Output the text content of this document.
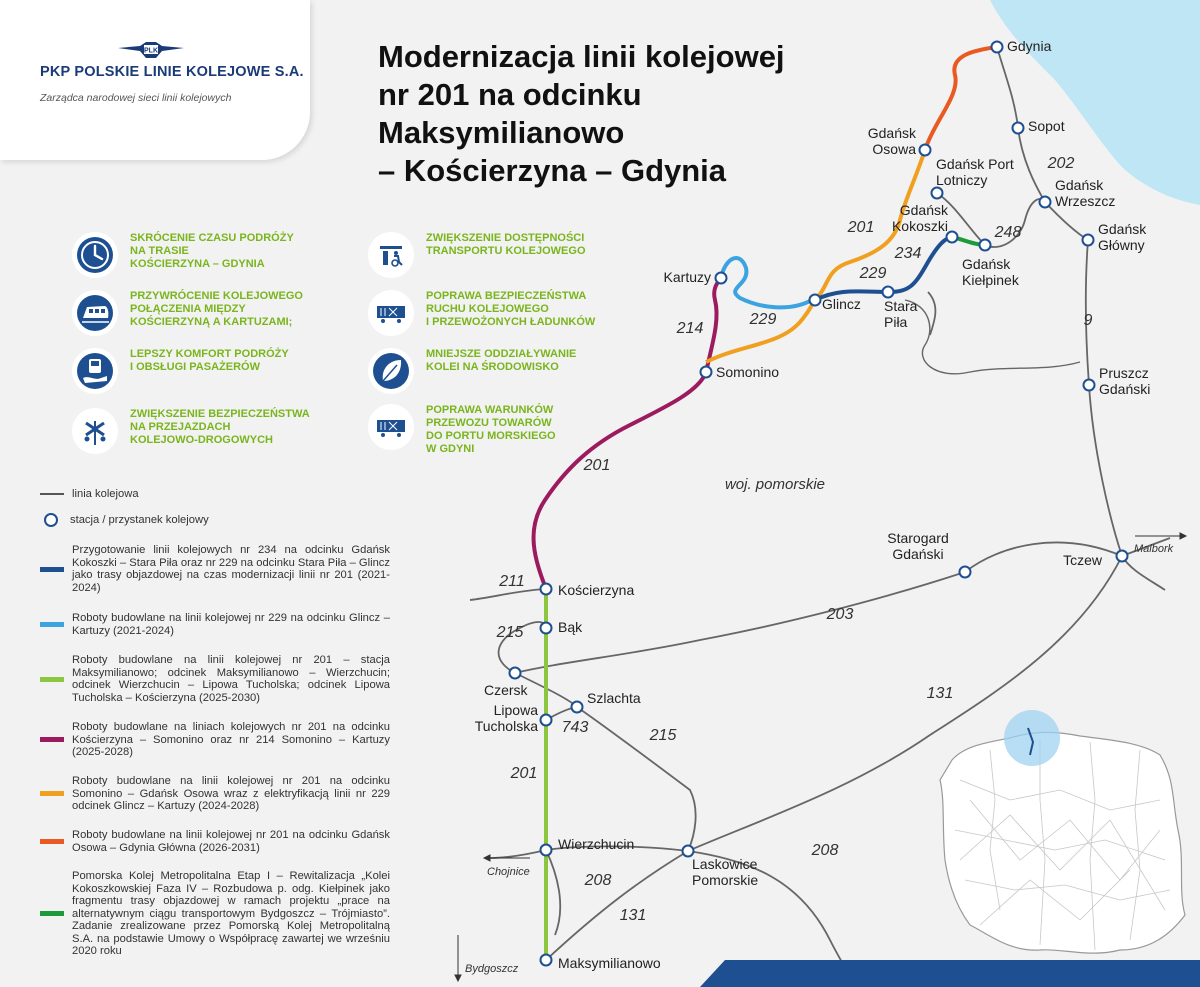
Gdynia
Sopot
Gdańsk Osowa
Gdańsk Port Lotniczy	Gdańsk Wrzeszcz
Gdańsk Kokoszki	Gdańsk Główny
Gdańsk Kiełpinek
Kartuzy
Glincz Stara Piła
Somonino	Pruszcz Gdański
Starogard Gdański	Tczew
Kościerzyna
Bąk
Czersk	Szlachta
Lipowa Tucholska
Wierzchucin
Laskowice Pomorskie
Maksymilianowo
202
201	248
234
229
229
214	9
201
203
211
215
743	215
131
201
208
208
131
woj. pomorskie
Malbork
Chojnice
Bydgoszcz
PLK
PKP POLSKIE LINIE KOLEJOWE S.A.
Zarządca narodowej sieci linii kolejowych
Modernizacja linii kolejowej
nr 201 na odcinku
Maksymilianowo
– Kościerzyna – Gdynia
SKRÓCENIE CZASU PODRÓŻY
NA TRASIE
KOŚCIERZYNA – GDYNIA
PRZYWRÓCENIE KOLEJOWEGO
POŁĄCZENIA MIĘDZY
KOŚCIERZYNĄ A KARTUZAMI;
LEPSZY KOMFORT PODRÓŻY
I OBSŁUGI PASAŻERÓW
ZWIĘKSZENIE BEZPIECZEŃSTWA
NA PRZEJAZDACH
KOLEJOWO-DROGOWYCH
ZWIĘKSZENIE DOSTĘPNOŚCI
TRANSPORTU KOLEJOWEGO
POPRAWA BEZPIECZEŃSTWA
RUCHU KOLEJOWEGO
I PRZEWOŻONYCH ŁADUNKÓW
MNIEJSZE ODDZIAŁYWANIE
KOLEI NA ŚRODOWISKO
POPRAWA WARUNKÓW
PRZEWOZU TOWARÓW
DO PORTU MORSKIEGO
W GDYNI
linia kolejowa
stacja / przystanek kolejowy
Przygotowanie linii kolejowych nr 234 na odcinku Gdańsk Kokoszki – Stara Piła oraz nr 229 na odcinku Stara Piła – Glincz jako trasy objazdowej na czas modernizacji linii nr 201 (2021-2024)
Roboty budowlane na linii kolejowej nr 229 na odcinku Glincz – Kartuzy (2021-2024)
Roboty budowlane na linii kolejowej nr 201 – stacja Maksymilianowo; odcinek Maksymilianowo – Wierzchucin; odcinek Wierzchucin – Lipowa Tucholska; odcinek Lipowa Tucholska – Kościerzyna (2025-2030)
Roboty budowlane na liniach kolejowych nr 201 na odcinku Kościerzyna – Somonino oraz nr 214 Somonino – Kartuzy (2025-2028)
Roboty budowlane na linii kolejowej nr 201 na odcinku Somonino – Gdańsk Osowa wraz z elektryfikacją linii nr 229 odcinek Glincz – Kartuzy (2024-2028)
Roboty budowlane na linii kolejowej nr 201 na odcinku Gdańsk Osowa – Gdynia Główna (2026-2031)
Pomorska Kolej Metropolitalna Etap I – Rewitalizacja „Kolei Kokoszkowskiej Faza IV – Rozbudowa p. odg. Kiełpinek jako fragmentu trasy objazdowej w ramach projektu „prace na alternatywnym ciągu transportowym Bydgoszcz – Trójmiasto”. Zadanie zrealizowane przez Pomorską Kolej Metropolitalną S.A. na podstawie Umowy o Współpracę zawartej we wrześniu 2020 roku
